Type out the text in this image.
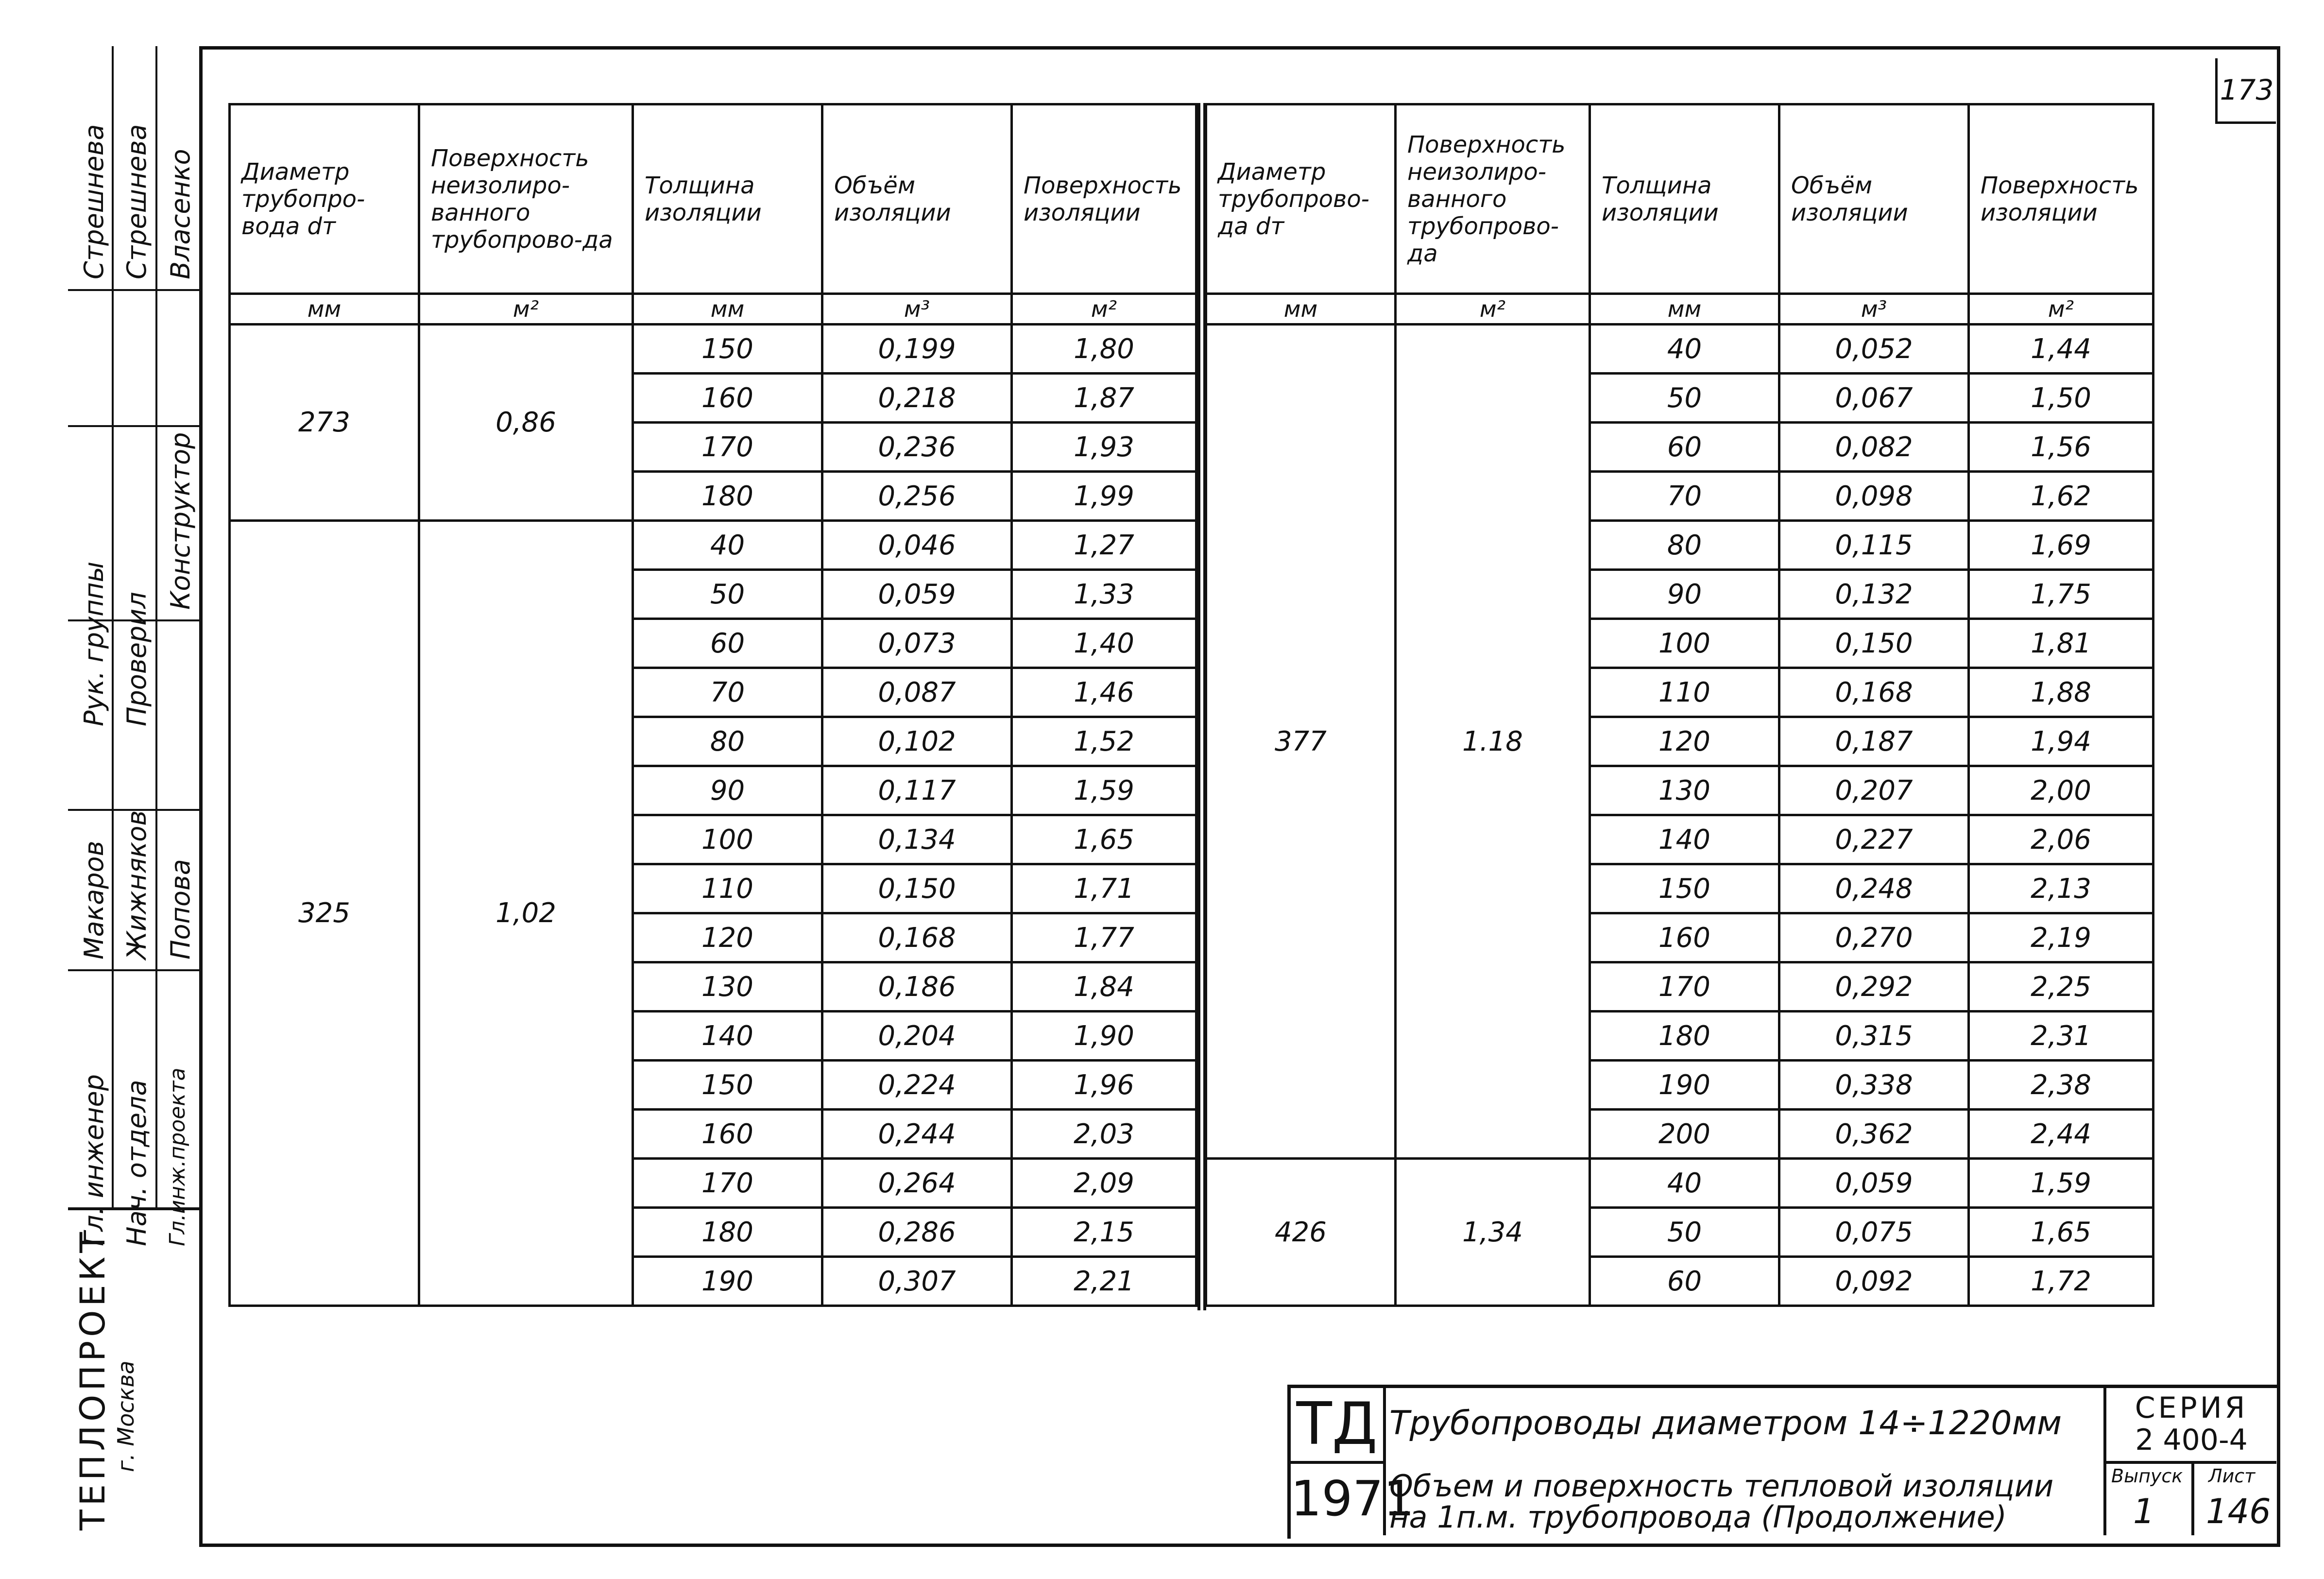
173
Гл. инженер Нач. отдела Гл.инж.проекта
Рук. группы Проверил
Конструктор
Макаров Жижняков Попова
Стрешнева Стрешнева Власенко
ТЕПЛОПРОЕКТ г. Москва
Диаметр трубопро-вода dт	Поверхность неизолиро-ванного трубопрово-да	Толщина изоляции	Объём изоляции	Поверхность изоляции
мм	м²	мм	м³	м²
273	0,86	150	0,199	1,80
		160	0,218	1,87
		170	0,236	1,93
		180	0,256	1,99
325	1,02	40	0,046	1,27
		50	0,059	1,33
		60	0,073	1,40
		70	0,087	1,46
		80	0,102	1,52
		90	0,117	1,59
		100	0,134	1,65
		110	0,150	1,71
		120	0,168	1,77
		130	0,186	1,84
		140	0,204	1,90
		150	0,224	1,96
		160	0,244	2,03
		170	0,264	2,09
		180	0,286	2,15
		190	0,307	2,21
Диаметр трубопрово-да dт	Поверхность неизолиро-ванного трубопрово-да	Толщина изоляции	Объём изоляции	Поверхность изоляции
мм	м²	мм	м³	м²
377	1.18	40	0,052	1,44
		50	0,067	1,50
		60	0,082	1,56
		70	0,098	1,62
		80	0,115	1,69
		90	0,132	1,75
		100	0,150	1,81
		110	0,168	1,88
		120	0,187	1,94
		130	0,207	2,00
		140	0,227	2,06
		150	0,248	2,13
		160	0,270	2,19
		170	0,292	2,25
		180	0,315	2,31
		190	0,338	2,38
		200	0,362	2,44
426	1,34	40	0,059	1,59
		50	0,075	1,65
		60	0,092	1,72
ТД
1971
Трубопроводы диаметром 14÷1220мм
Объем и поверхность тепловой изоляции
на 1п.м. трубопровода (Продолжение)
СЕРИЯ
2 400-4
Выпуск
1
Лист
146
